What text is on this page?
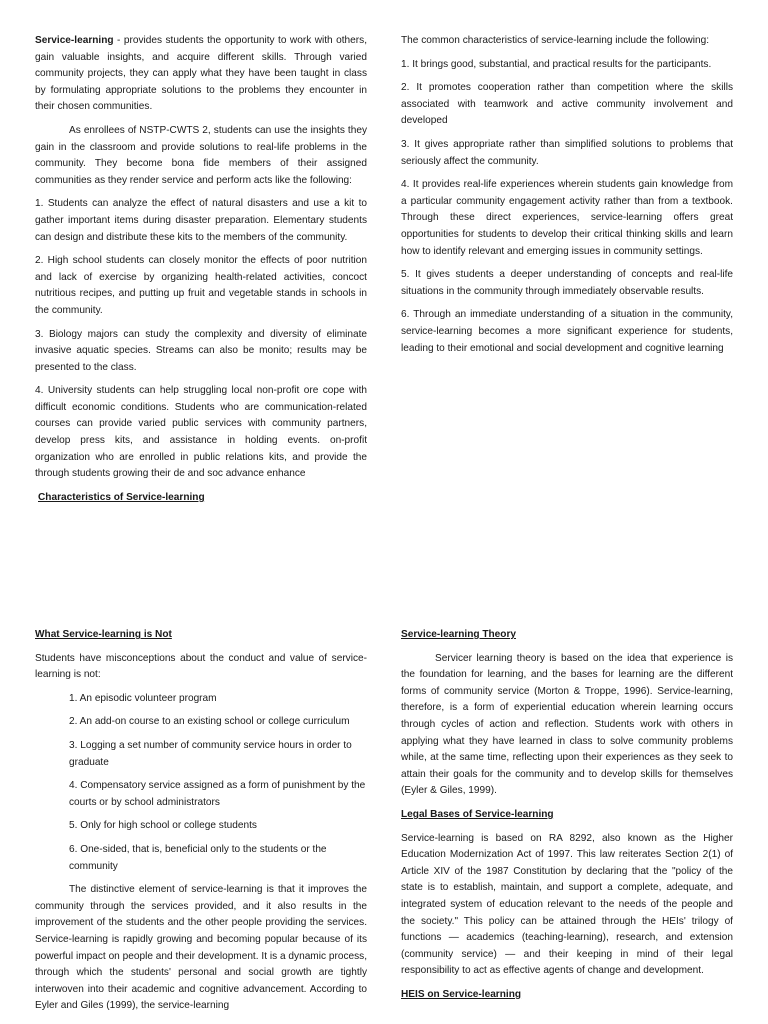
Service-learning - provides students the opportunity to work with others, gain valuable insights, and acquire different skills. Through varied community projects, they can apply what they have been taught in class by formulating appropriate solutions to the problems they encounter in their chosen communities.

As enrollees of NSTP-CWTS 2, students can use the insights they gain in the classroom and provide solutions to real-life problems in the community. They become bona fide members of their assigned communities as they render service and perform acts like the following:

1. Students can analyze the effect of natural disasters and use a kit to gather important items during disaster preparation. Elementary students can design and distribute these kits to the members of the community.

2. High school students can closely monitor the effects of poor nutrition and lack of exercise by organizing health-related activities, concoct nutritious recipes, and putting up fruit and vegetable stands in schools in the community.

3. Biology majors can study the complexity and diversity of eliminate invasive aquatic species. Streams can also be monito; results may be presented to the class.

4. University students can help struggling local non-profit ore cope with difficult economic conditions. Students who are communication-related courses can provide varied public services with community partners, develop press kits, and assistance in holding events. on-profit organization who are enrolled in public relations kits, and provide the through students growing their de and soc advance enhance

Characteristics of Service-learning

The common characteristics of service-learning include the following:

1. It brings good, substantial, and practical results for the participants.

2. It promotes cooperation rather than competition where the skills associated with teamwork and active community involvement and developed

3. It gives appropriate rather than simplified solutions to problems that seriously affect the community.

4. It provides real-life experiences wherein students gain knowledge from a particular community engagement activity rather than from a textbook. Through these direct experiences, service-learning offers great opportunities for students to develop their critical thinking skills and learn how to identify relevant and emerging issues in community settings.

5. It gives students a deeper understanding of concepts and real-life situations in the community through immediately observable results.

6. Through an immediate understanding of a situation in the community, service-learning becomes a more significant experience for students, leading to their emotional and social development and cognitive learning

What Service-learning is Not

Students have misconceptions about the conduct and value of service-learning is not:

1. An episodic volunteer program

2. An add-on course to an existing school or college curriculum

3. Logging a set number of community service hours in order to graduate

4. Compensatory service assigned as a form of punishment by the courts or by school administrators

5. Only for high school or college students

6. One-sided, that is, beneficial only to the students or the community

The distinctive element of service-learning is that it improves the community through the services provided, and it also results in the improvement of the students and the other people providing the services. Service-learning is rapidly growing and becoming popular because of its powerful impact on people and their development. It is a dynamic process, through which the students' personal and social growth are tightly interwoven into their academic and cognitive advancement. According to Eyler and Giles (1999), the service-learning

Service-learning Theory

Servicer learning theory is based on the idea that experience is the foundation for learning, and the bases for learning are the different forms of community service (Morton & Troppe, 1996). Service-learning, therefore, is a form of experiential education wherein learning occurs through cycles of action and reflection. Students work with others in applying what they have learned in class to solve community problems while, at the same time, reflecting upon their experiences as they seek to attain their goals for the community and to develop skills for themselves (Eyler & Giles, 1999).

Legal Bases of Service-learning

Service-learning is based on RA 8292, also known as the Higher Education Modernization Act of 1997. This law reiterates Section 2(1) of Article XIV of the 1987 Constitution by declaring that the "policy of the state is to establish, maintain, and support a complete, adequate, and integrated system of education relevant to the needs of the people and the society." This policy can be attained through the HEIs' trilogy of functions — academics (teaching-learning), research, and extension (community service) — and their keeping in mind of their legal responsibility to act as effective agents of change and development.

HEIS on Service-learning
